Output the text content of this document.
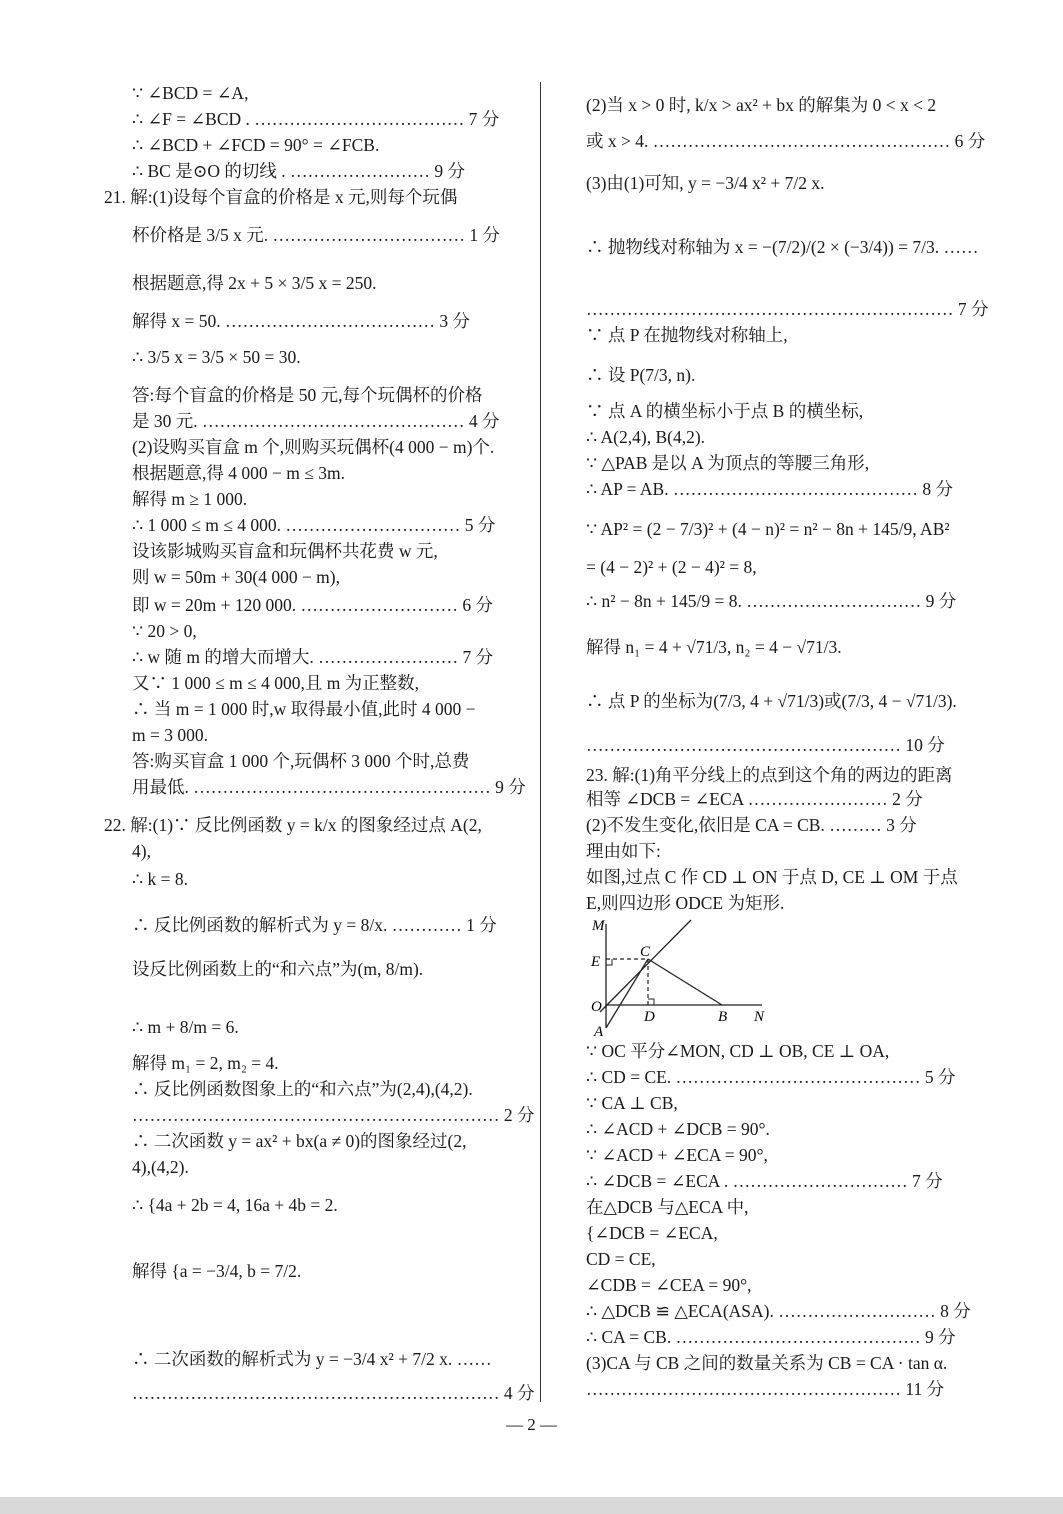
∵ ∠BCD = ∠A,
∴ ∠F = ∠BCD . ……………………………… 7 分
∴ ∠BCD + ∠FCD = 90° = ∠FCB.
∴ BC 是⊙O 的切线 . …………………… 9 分
21. 解:(1)设每个盲盒的价格是 x 元,则每个玩偶
杯价格是 3/5 x 元. …………………………… 1 分
根据题意,得 2x + 5 × 3/5 x = 250.
解得 x = 50. ……………………………… 3 分
∴ 3/5 x = 3/5 × 50 = 30.
答:每个盲盒的价格是 50 元,每个玩偶杯的价格
是 30 元. ……………………………………… 4 分
(2)设购买盲盒 m 个,则购买玩偶杯(4 000 − m)个.
根据题意,得 4 000 − m ≤ 3m.
解得 m ≥ 1 000.
∴ 1 000 ≤ m ≤ 4 000. ………………………… 5 分
设该影城购买盲盒和玩偶杯共花费 w 元,
则 w = 50m + 30(4 000 − m),
即 w = 20m + 120 000. ……………………… 6 分
∵ 20 > 0,
∴ w 随 m 的增大而增大. …………………… 7 分
又∵ 1 000 ≤ m ≤ 4 000,且 m 为正整数,
∴ 当 m = 1 000 时,w 取得最小值,此时 4 000 −
m = 3 000.
答:购买盲盒 1 000 个,玩偶杯 3 000 个时,总费
用最低. …………………………………………… 9 分
22. 解:(1)∵ 反比例函数 y = k/x 的图象经过点 A(2,
4),
∴ k = 8.
∴ 反比例函数的解析式为 y = 8/x. ………… 1 分
设反比例函数上的“和六点”为(m, 8/m).
∴ m + 8/m = 6.
解得 m₁ = 2, m₂ = 4.
∴ 反比例函数图象上的“和六点”为(2,4),(4,2).
……………………………………………………… 2 分
∴ 二次函数 y = ax² + bx(a ≠ 0)的图象经过(2,
4),(4,2).
∴ {4a + 2b = 4, 16a + 4b = 2.
解得 {a = −3/4, b = 7/2.
∴ 二次函数的解析式为 y = −3/4 x² + 7/2 x. ……
……………………………………………………… 4 分
(2)当 x > 0 时, k/x > ax² + bx 的解集为 0 < x < 2
或 x > 4. …………………………………………… 6 分
(3)由(1)可知, y = −3/4 x² + 7/2 x.
∴ 抛物线对称轴为 x = −(7/2)/(2 × (−3/4)) = 7/3. ……
……………………………………………………… 7 分
∵ 点 P 在抛物线对称轴上,
∴ 设 P(7/3, n).
∵ 点 A 的横坐标小于点 B 的横坐标,
∴ A(2,4), B(4,2).
∵ △PAB 是以 A 为顶点的等腰三角形,
∴ AP = AB. …………………………………… 8 分
∵ AP² = (2 − 7/3)² + (4 − n)² = n² − 8n + 145/9, AB²
= (4 − 2)² + (2 − 4)² = 8,
∴ n² − 8n + 145/9 = 8. ………………………… 9 分
解得 n₁ = 4 + √71/3, n₂ = 4 − √71/3.
∴ 点 P 的坐标为(7/3, 4 + √71/3)或(7/3, 4 − √71/3).
……………………………………………… 10 分
23. 解:(1)角平分线上的点到这个角的两边的距离
相等 ∠DCB = ∠ECA …………………… 2 分
(2)不发生变化,依旧是 CA = CB. ……… 3 分
理由如下:
如图,过点 C 作 CD ⊥ ON 于点 D, CE ⊥ OM 于点
E,则四边形 ODCE 为矩形.
∵ OC 平分∠MON, CD ⊥ OB, CE ⊥ OA,
∴ CD = CE. …………………………………… 5 分
∵ CA ⊥ CB,
∴ ∠ACD + ∠DCB = 90°.
∵ ∠ACD + ∠ECA = 90°,
∴ ∠DCB = ∠ECA . ………………………… 7 分
在△DCB 与△ECA 中,
{∠DCB = ∠ECA,
CD = CE,
∠CDB = ∠CEA = 90°,
∴ △DCB ≌ △ECA(ASA). ……………………… 8 分
∴ CA = CB. …………………………………… 9 分
(3)CA 与 CB 之间的数量关系为 CB = CA · tan α.
……………………………………………… 11 分
M
E
C
O
D	B N
A
— 2 —
